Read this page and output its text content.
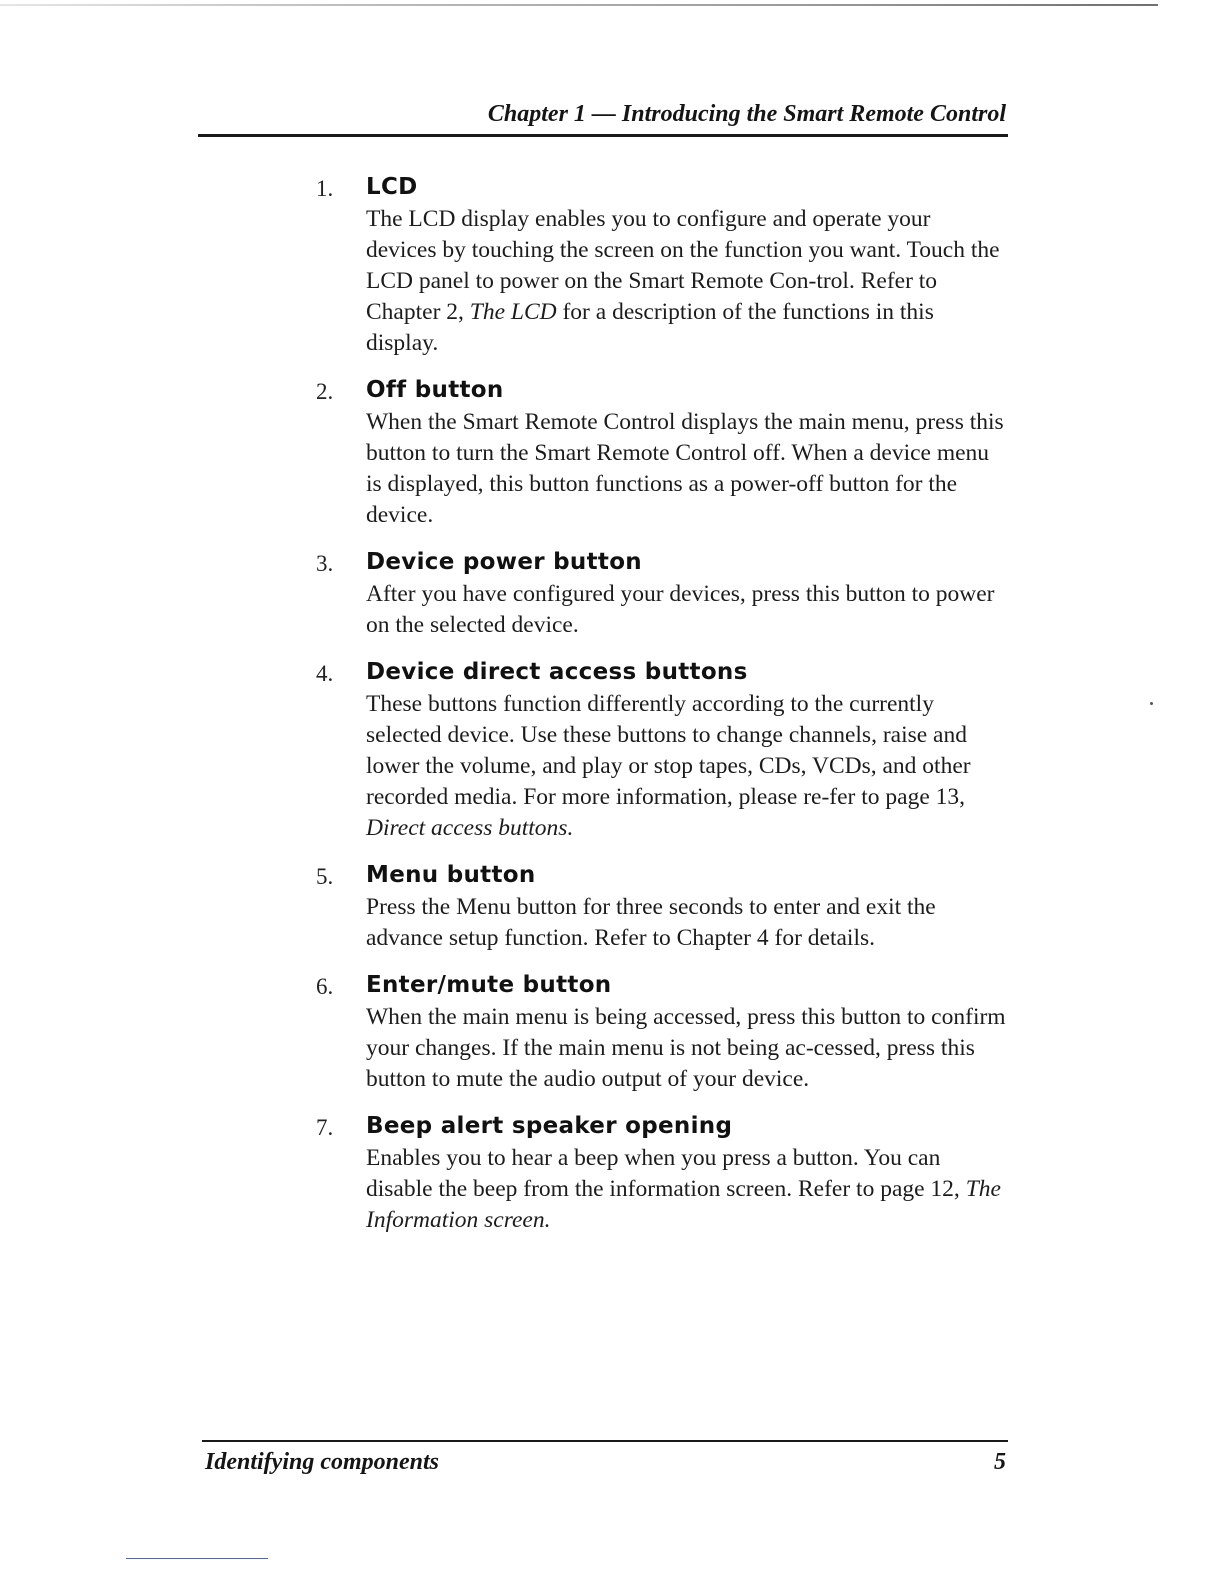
Chapter 1 — Introducing the Smart Remote Control
1. LCD

The LCD display enables you to configure and operate your devices by touching the screen on the function you want. Touch the LCD panel to power on the Smart Remote Con-trol. Refer to Chapter 2, The LCD for a description of the functions in this display.

2. Off button

When the Smart Remote Control displays the main menu, press this button to turn the Smart Remote Control off. When a device menu is displayed, this button functions as a power-off button for the device.

3. Device power button

After you have configured your devices, press this button to power on the selected device.

4. Device direct access buttons

These buttons function differently according to the currently selected device. Use these buttons to change channels, raise and lower the volume, and play or stop tapes, CDs, VCDs, and other recorded media. For more information, please re-fer to page 13, Direct access buttons.

5. Menu button

Press the Menu button for three seconds to enter and exit the advance setup function. Refer to Chapter 4 for details.

6. Enter/mute button

When the main menu is being accessed, press this button to confirm your changes. If the main menu is not being ac-cessed, press this button to mute the audio output of your device.

7. Beep alert speaker opening

Enables you to hear a beep when you press a button. You can disable the beep from the information screen. Refer to page 12, The Information screen.

Identifying components	5
